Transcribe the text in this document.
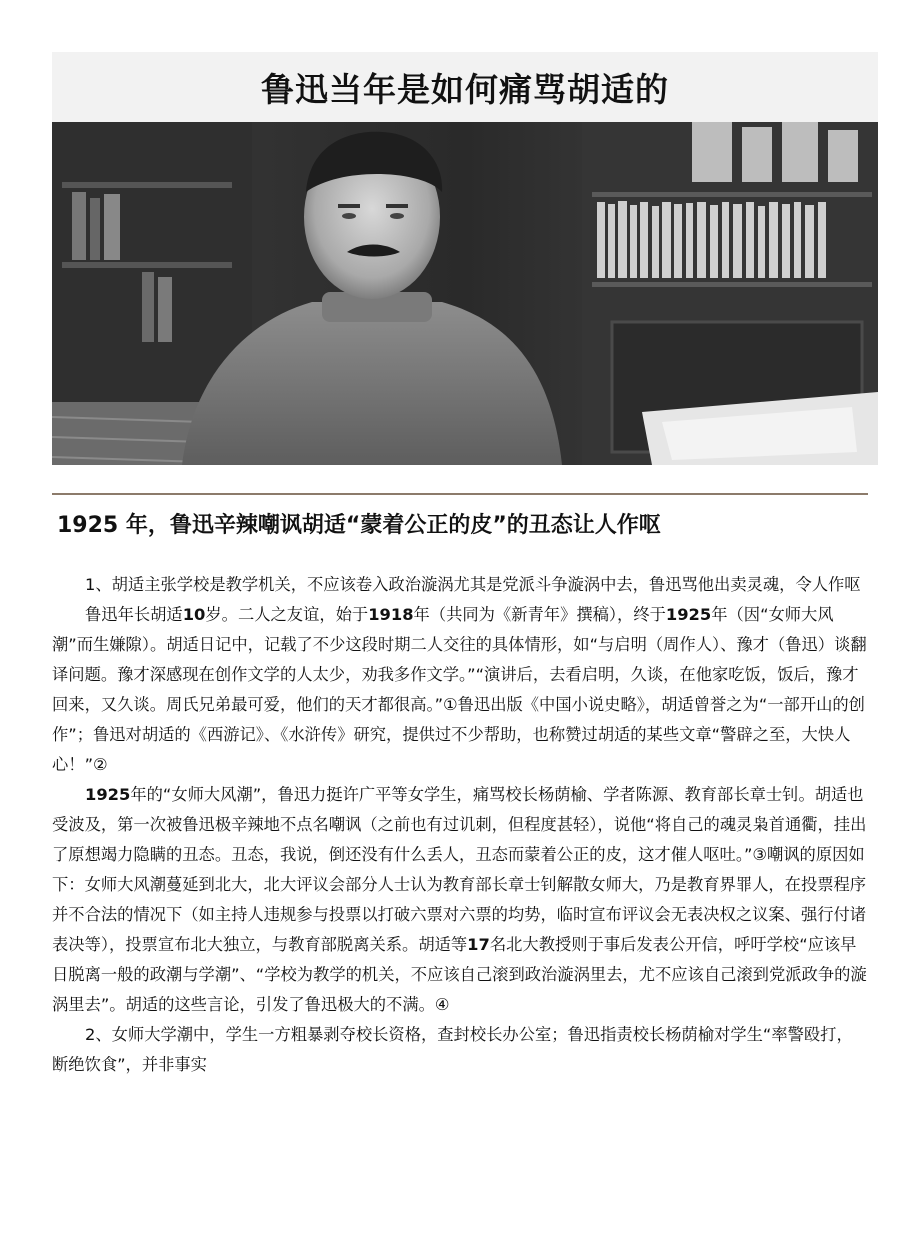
鲁迅当年是如何痛骂胡适的
1925 年，鲁迅辛辣嘲讽胡适“蒙着公正的皮”的丑态让人作呕

1、胡适主张学校是教学机关，不应该卷入政治漩涡尤其是党派斗争漩涡中去，鲁迅骂他出卖灵魂，令人作呕

鲁迅年长胡适10岁。二人之友谊，始于1918年（共同为《新青年》撰稿），终于1925年（因“女师大风潮”而生嫌隙）。胡适日记中，记载了不少这段时期二人交往的具体情形，如“与启明（周作人）、豫才（鲁迅）谈翻译问题。豫才深感现在创作文学的人太少，劝我多作文学。”“演讲后，去看启明，久谈，在他家吃饭，饭后，豫才回来，又久谈。周氏兄弟最可爱，他们的天才都很高。”①鲁迅出版《中国小说史略》，胡适曾誉之为“一部开山的创作”；鲁迅对胡适的《西游记》、《水浒传》研究，提供过不少帮助，也称赞过胡适的某些文章“警辟之至，大快人心！”②

1925年的“女师大风潮”，鲁迅力挺许广平等女学生，痛骂校长杨荫榆、学者陈源、教育部长章士钊。胡适也受波及，第一次被鲁迅极辛辣地不点名嘲讽（之前也有过讥刺，但程度甚轻），说他“将自己的魂灵枭首通衢，挂出了原想竭力隐瞒的丑态。丑态，我说，倒还没有什么丢人，丑态而蒙着公正的皮，这才催人呕吐。”③嘲讽的原因如下：女师大风潮蔓延到北大，北大评议会部分人士认为教育部长章士钊解散女师大，乃是教育界罪人，在投票程序并不合法的情况下（如主持人违规参与投票以打破六票对六票的均势，临时宣布评议会无表决权之议案、强行付诸表决等），投票宣布北大独立，与教育部脱离关系。胡适等17名北大教授则于事后发表公开信，呼吁学校“应该早日脱离一般的政潮与学潮”、“学校为教学的机关，不应该自己滚到政治漩涡里去，尤不应该自己滚到党派政争的漩涡里去”。胡适的这些言论，引发了鲁迅极大的不满。④

2、女师大学潮中，学生一方粗暴剥夺校长资格，查封校长办公室；鲁迅指责校长杨荫榆对学生“率警殴打，断绝饮食”，并非事实
